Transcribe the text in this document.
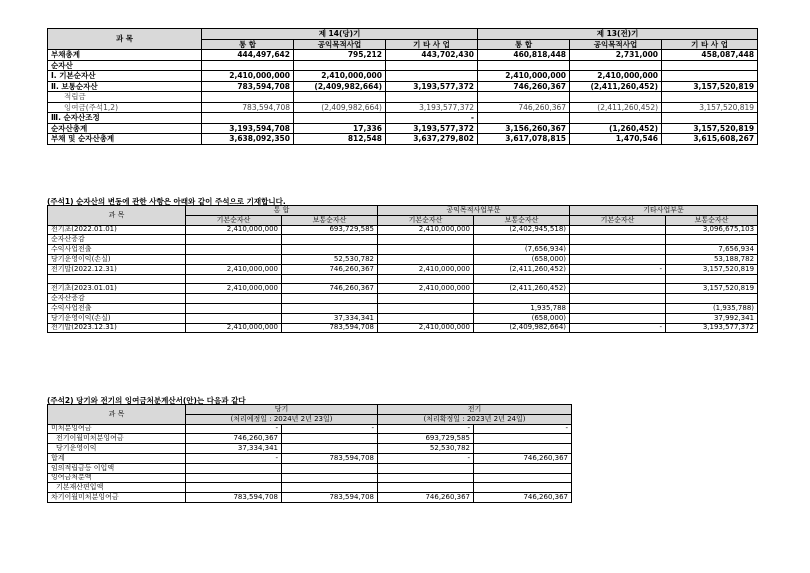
과 목	제 14(당)기			제 13(전)기		
	통 합	공익목적사업	기 타 사 업	통 합	공익목적사업	기 타 사 업
부채총계	444,497,642	795,212	443,702,430	460,818,448	2,731,000	458,087,448
순자산						
Ⅰ. 기본순자산	2,410,000,000	2,410,000,000		2,410,000,000	2,410,000,000	
Ⅱ. 보통순자산	783,594,708	(2,409,982,664)	3,193,577,372	746,260,367	(2,411,260,452)	3,157,520,819
적립금						
잉여금(주석1,2)	783,594,708	(2,409,982,664)	3,193,577,372	746,260,367	(2,411,260,452)	3,157,520,819
Ⅲ. 순자산조정			-			
순자산총계	3,193,594,708	17,336	3,193,577,372	3,156,260,367	(1,260,452)	3,157,520,819
부채 및 순자산총계	3,638,092,350	812,548	3,637,279,802	3,617,078,815	1,470,546	3,615,608,267
(주석1) 순자산의 변동에 관한 사항은 아래와 같이 주석으로 기재합니다.
과 목	통 합		공익목적사업부문		기타사업부문	
	기본순자산	보통순자산	기본순자산	보통순자산	기본순자산	보통순자산
전기초(2022.01.01)	2,410,000,000	693,729,585	2,410,000,000	(2,402,945,518)		3,096,675,103
순자산증감						
수익사업전출				(7,656,934)		7,656,934
당기운영이익(손실)		52,530,782		(658,000)		53,188,782
전기말(2022.12.31)	2,410,000,000	746,260,367	2,410,000,000	(2,411,260,452)	-	3,157,520,819

전기초(2023.01.01)	2,410,000,000	746,260,367	2,410,000,000	(2,411,260,452)		3,157,520,819
순자산증감						
수익사업전출				1,935,788		(1,935,788)
당기운영이익(손실)		37,334,341		(658,000)		37,992,341
전기말(2023.12.31)	2,410,000,000	783,594,708	2,410,000,000	(2,409,982,664)	-	3,193,577,372
(주석2) 당기와 전기의 잉여금처분계산서(안)는 다음과 같다
과 목	당기		전기	
	(처리예정일 : 2024년 2년 23일)		(처리확정일 : 2023년 2년 24일)	
미처분잉여금	-	-	-	-
전기이월미처분잉여금	746,260,367		693,729,585	
당기운영이익	37,334,341		52,530,782	
합계	-	783,594,708	-	746,260,367
임의적립금등 이입액				
잉여금처분액				
기본재산편입액				
차기이월미처분잉여금	783,594,708	783,594,708	746,260,367	746,260,367
